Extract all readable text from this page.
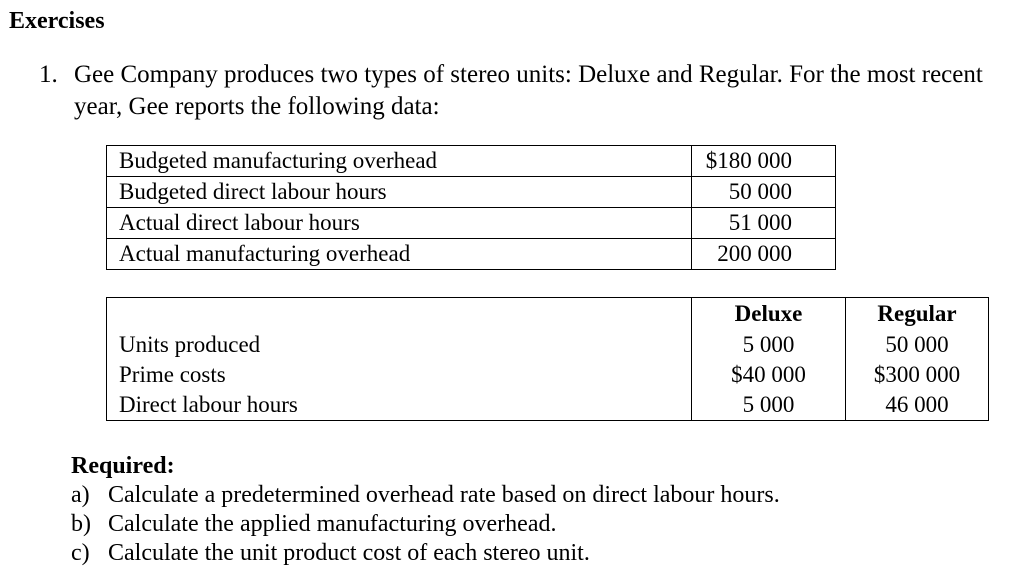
Exercises
1. Gee Company produces two types of stereo units: Deluxe and Regular. For the most recent year, Gee reports the following data:
Budgeted manufacturing overhead	$180 000
Budgeted direct labour hours	50 000
Actual direct labour hours	51 000
Actual manufacturing overhead	200 000
	Deluxe	Regular
Units produced	5 000	50 000
Prime costs	$40 000	$300 000
Direct labour hours	5 000	46 000
Required:
a) Calculate a predetermined overhead rate based on direct labour hours.
b) Calculate the applied manufacturing overhead.
c) Calculate the unit product cost of each stereo unit.
